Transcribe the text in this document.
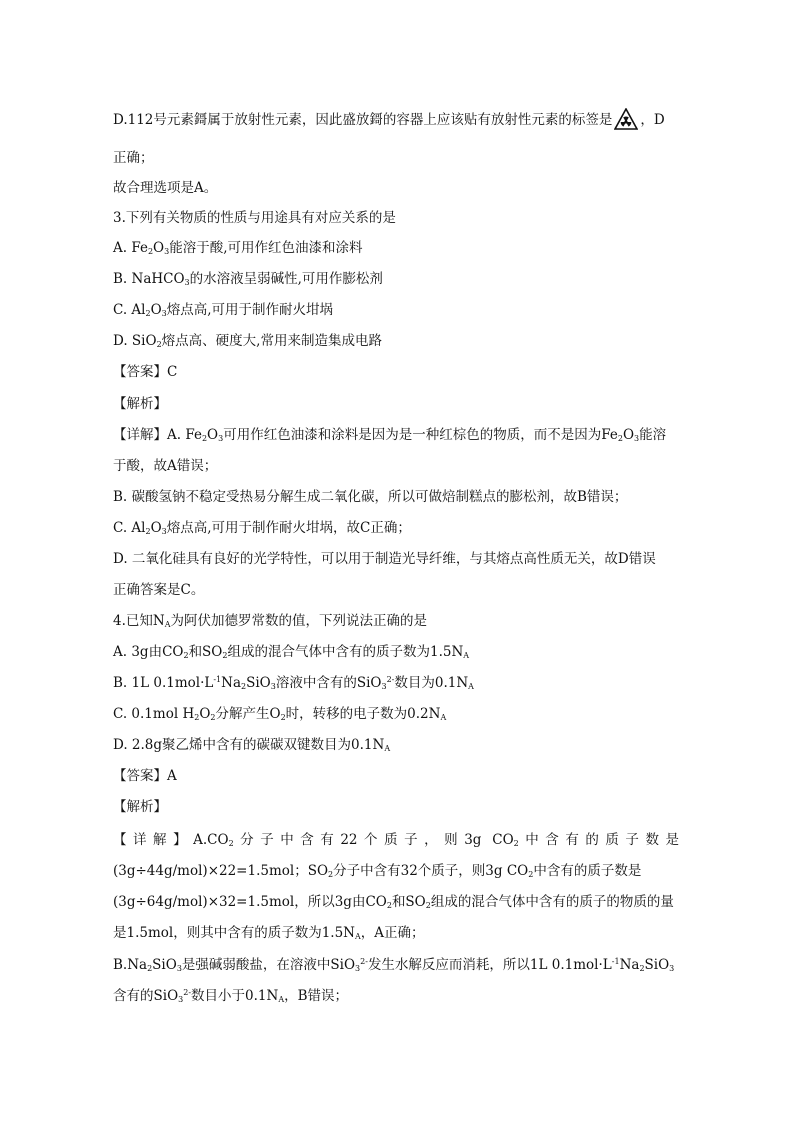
D.112号元素鎶属于放射性元素，因此盛放鎶的容器上应该贴有放射性元素的标签是 ，D
正确；
故合理选项是A。
3.下列有关物质的性质与用途具有对应关系的是
A. $Fe_2O_3$能溶于酸,可用作红色油漆和涂料
B. NaHCO$_3$的水溶液呈弱碱性,可用作膨松剂
C. $Al_2O_3$熔点高,可用于制作耐火坩埚
D. SiO$_2$熔点高、硬度大,常用来制造集成电路
【答案】C
【解析】
【详解】A. $Fe_2O_3$可用作红色油漆和涂料是因为是一种红棕色的物质，而不是因为$Fe_2O_3$能溶
于酸，故A错误；
B. 碳酸氢钠不稳定受热易分解生成二氧化碳，所以可做焙制糕点的膨松剂，故B错误；
C. $Al_2O_3$熔点高,可用于制作耐火坩埚，故C正确；
D. 二氧化硅具有良好的光学特性，可以用于制造光导纤维，与其熔点高性质无关，故D错误
正确答案是C。
4.已知$N_A$为阿伏加德罗常数的值，下列说法正确的是
A. 3g由$CO_2$和$SO_2$组成的混合气体中含有的质子数为$1.5N_A$
B. 1L $0.1mol\cdot L^{-1}Na_2SiO_3$溶液中含有的SiO$_3^{2-}$数目为$0.1N_A$
C. 0.1mol $H_2O_2$分解产生$O_2$时，转移的电子数为$0.2N_A$
D. 2.8g聚乙烯中含有的碳碳双键数目为$0.1N_A$
【答案】A
【解析】
【详解】$A.CO_2$分子中含有22个质子，则3g $CO_2$中含有的质子数是
(3g÷44g/mol)×22=1.5mol；$SO_2$分子中含有32个质子，则3g $CO_2$中含有的质子数是
(3g÷64g/mol)×32=1.5mol，所以3g由$CO_2$和$SO_2$组成的混合气体中含有的质子的物质的量
是1.5mol，则其中含有的质子数为$1.5N_A$，A正确；
$B.Na_2SiO_3$是强碱弱酸盐，在溶液中SiO$_3^{2-}$发生水解反应而消耗，所以1L $0.1mol\cdot L^{-1}Na_2SiO_3$
含有的SiO$_3^{2-}$数目小于$0.1N_A$，B错误；
